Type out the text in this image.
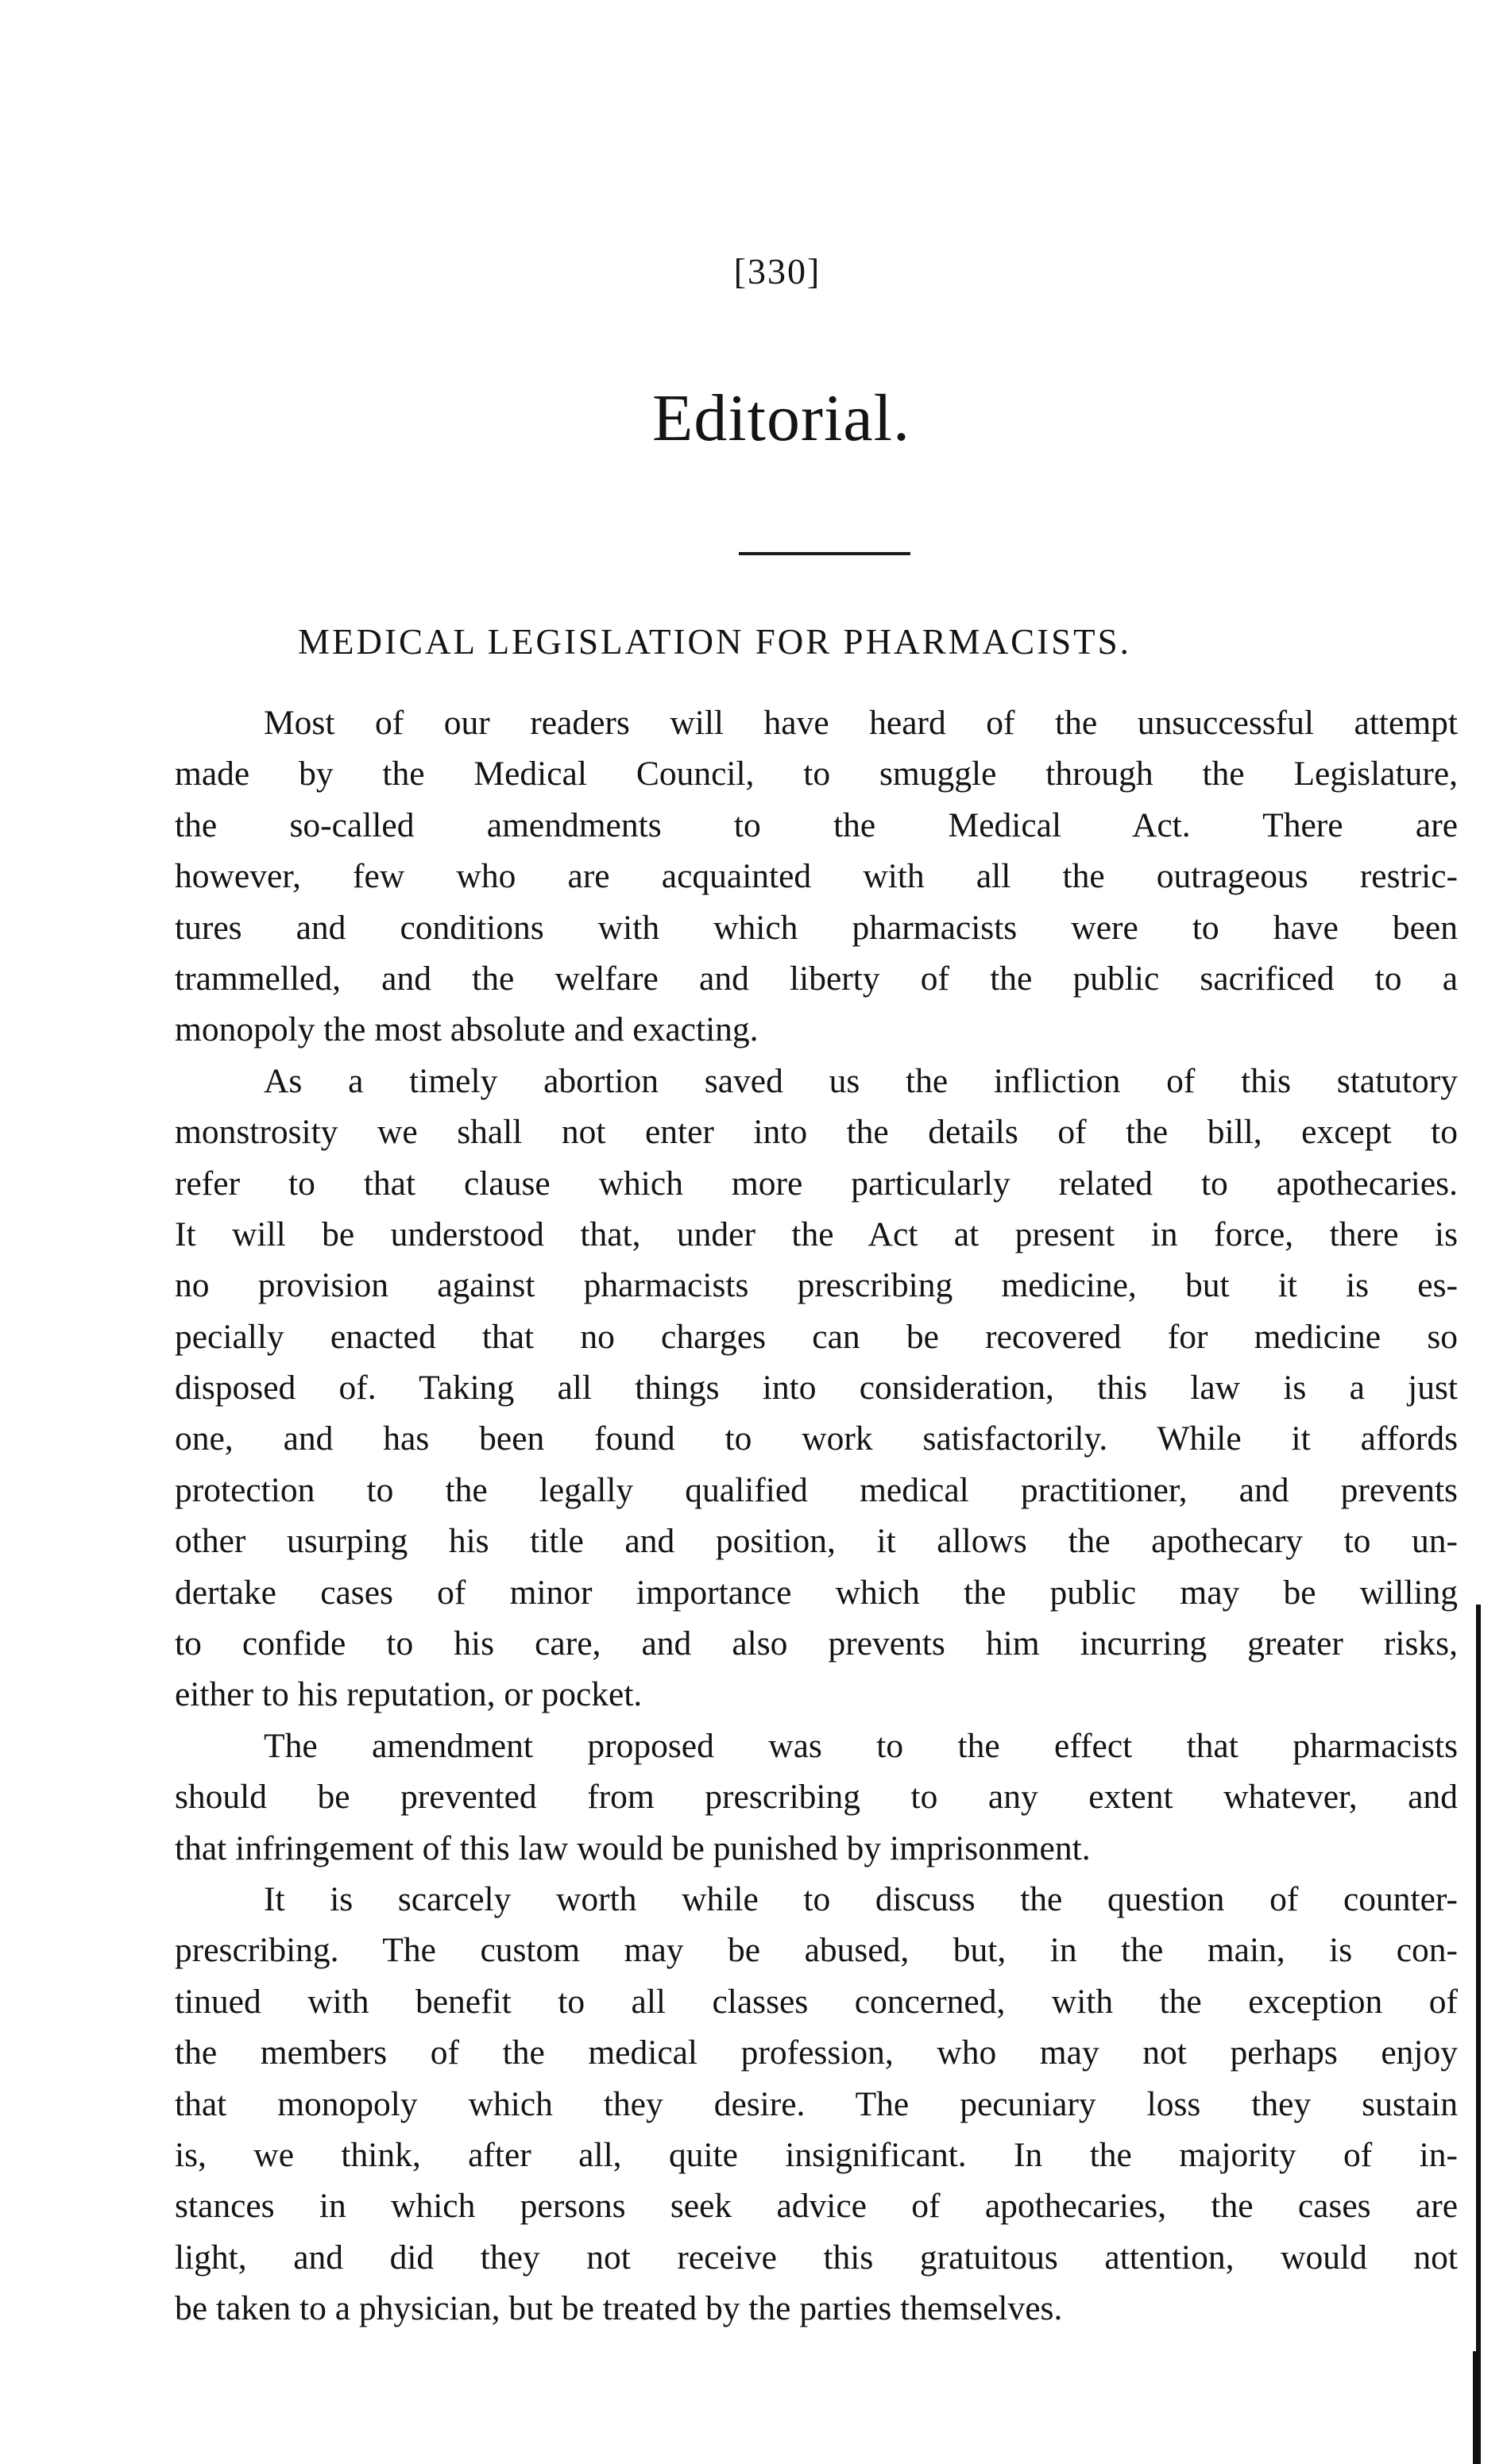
[330]
Editorial.
MEDICAL LEGISLATION FOR PHARMACISTS.
Most of our readers will have heard of the unsuccessful attempt
made by the Medical Council, to smuggle through the Legislature,
the so-called amendments to the Medical Act. There are
however, few who are acquainted with all the outrageous restric-
tures and conditions with which pharmacists were to have been
trammelled, and the welfare and liberty of the public sacrificed to a
monopoly the most absolute and exacting.
As a timely abortion saved us the infliction of this statutory
monstrosity we shall not enter into the details of the bill, except to
refer to that clause which more particularly related to apothecaries.
It will be understood that, under the Act at present in force, there is
no provision against pharmacists prescribing medicine, but it is es-
pecially enacted that no charges can be recovered for medicine so
disposed of. Taking all things into consideration, this law is a just
one, and has been found to work satisfactorily. While it affords
protection to the legally qualified medical practitioner, and prevents
other usurping his title and position, it allows the apothecary to un-
dertake cases of minor importance which the public may be willing
to confide to his care, and also prevents him incurring greater risks,
either to his reputation, or pocket.
The amendment proposed was to the effect that pharmacists
should be prevented from prescribing to any extent whatever, and
that infringement of this law would be punished by imprisonment.
It is scarcely worth while to discuss the question of counter-
prescribing. The custom may be abused, but, in the main, is con-
tinued with benefit to all classes concerned, with the exception of
the members of the medical profession, who may not perhaps enjoy
that monopoly which they desire. The pecuniary loss they sustain
is, we think, after all, quite insignificant. In the majority of in-
stances in which persons seek advice of apothecaries, the cases are
light, and did they not receive this gratuitous attention, would not
be taken to a physician, but be treated by the parties themselves.
